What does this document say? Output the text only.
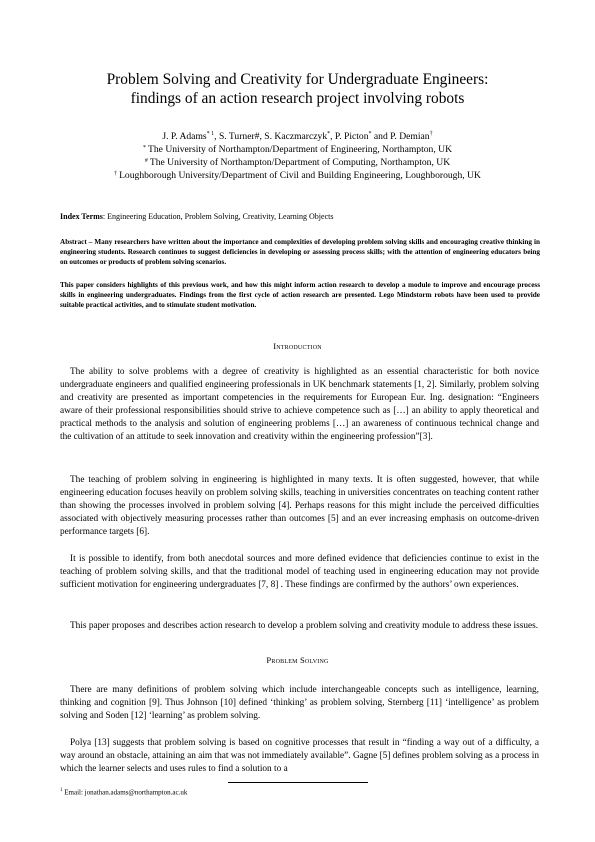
Problem Solving and Creativity for Undergraduate Engineers:
findings of an action research project involving robots
J. P. Adams$^{* 1}$, S. Turner#, S. Kaczmarczyk*, P. Picton* and P. Demian†
* The University of Northampton/Department of Engineering, Northampton, UK
# The University of Northampton/Department of Computing, Northampton, UK
† Loughborough University/Department of Civil and Building Engineering, Loughborough, UK
Index Terms: Engineering Education, Problem Solving, Creativity, Learning Objects
Abstract – Many researchers have written about the importance and complexities of developing problem solving skills and encouraging creative thinking in engineering students. Research continues to suggest deficiencies in developing or assessing process skills; with the attention of engineering educators being on outcomes or products of problem solving scenarios.
This paper considers highlights of this previous work, and how this might inform action research to develop a module to improve and encourage process skills in engineering undergraduates. Findings from the first cycle of action research are presented. Lego Mindstorm robots have been used to provide suitable practical activities, and to stimulate student motivation.
Introduction
The ability to solve problems with a degree of creativity is highlighted as an essential characteristic for both novice undergraduate engineers and qualified engineering professionals in UK benchmark statements [1, 2]. Similarly, problem solving and creativity are presented as important competencies in the requirements for European Eur. Ing. designation: “Engineers aware of their professional responsibilities should strive to achieve competence such as […] an ability to apply theoretical and practical methods to the analysis and solution of engineering problems […] an awareness of continuous technical change and the cultivation of an attitude to seek innovation and creativity within the engineering profession”[3].
The teaching of problem solving in engineering is highlighted in many texts. It is often suggested, however, that while engineering education focuses heavily on problem solving skills, teaching in universities concentrates on teaching content rather than showing the processes involved in problem solving [4]. Perhaps reasons for this might include the perceived difficulties associated with objectively measuring processes rather than outcomes [5] and an ever increasing emphasis on outcome-driven performance targets [6].
It is possible to identify, from both anecdotal sources and more defined evidence that deficiencies continue to exist in the teaching of problem solving skills, and that the traditional model of teaching used in engineering education may not provide sufficient motivation for engineering undergraduates [7, 8] . These findings are confirmed by the authors’ own experiences.
This paper proposes and describes action research to develop a problem solving and creativity module to address these issues.
Problem Solving
There are many definitions of problem solving which include interchangeable concepts such as intelligence, learning, thinking and cognition [9]. Thus Johnson [10] defined ‘thinking’ as problem solving, Sternberg [11] ‘intelligence’ as problem solving and Soden [12] ‘learning’ as problem solving.
Polya [13] suggests that problem solving is based on cognitive processes that result in “finding a way out of a difficulty, a way around an obstacle, attaining an aim that was not immediately available”. Gagne [5] defines problem solving as a process in which the learner selects and uses rules to find a solution to a
$^1$ Email: jonathan.adams@northampton.ac.uk
